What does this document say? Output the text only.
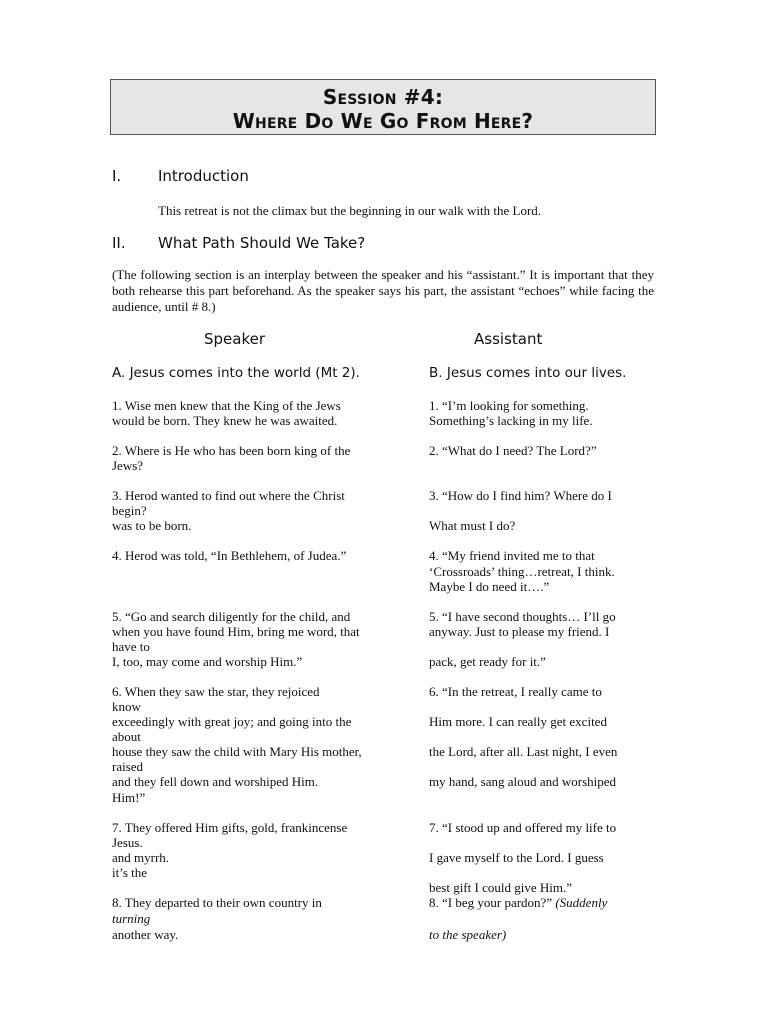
Session #4:
Where Do We Go From Here?
I. Introduction
This retreat is not the climax but the beginning in our walk with the Lord.
II. What Path Should We Take?
(The following section is an interplay between the speaker and his “assistant.” It is important that they both rehearse this part beforehand. As the speaker says his part, the assistant “echoes” while facing the audience, until # 8.)
Speaker	Assistant
A. Jesus comes into the world (Mt 2).	B. Jesus comes into our lives.
1. Wise men knew that the King of the Jews
would be born. They knew he was awaited.
2. Where is He who has been born king of the
Jews?
3. Herod wanted to find out where the Christ
begin?
was to be born.
4. Herod was told, “In Bethlehem, of Judea.”
5. “Go and search diligently for the child, and
when you have found Him, bring me word, that
have to
I, too, may come and worship Him.”
6. When they saw the star, they rejoiced
know
exceedingly with great joy; and going into the
about
house they saw the child with Mary His mother,
raised
and they fell down and worshiped Him.
Him!”
7. They offered Him gifts, gold, frankincense
Jesus.
and myrrh.
it’s the
8. They departed to their own country in
turning
another way.
1. “I’m looking for something.
Something’s lacking in my life.
2. “What do I need? The Lord?”
3. “How do I find him? Where do I
What must I do?
4. “My friend invited me to that
‘Crossroads’ thing…retreat, I think.
Maybe I do need it….”
5. “I have second thoughts… I’ll go
anyway. Just to please my friend. I
pack, get ready for it.”
6. “In the retreat, I really came to
Him more. I can really get excited
the Lord, after all. Last night, I even
my hand, sang aloud and worshiped
7. “I stood up and offered my life to
I gave myself to the Lord. I guess
best gift I could give Him.”
8. “I beg your pardon?” (Suddenly
to the speaker)
